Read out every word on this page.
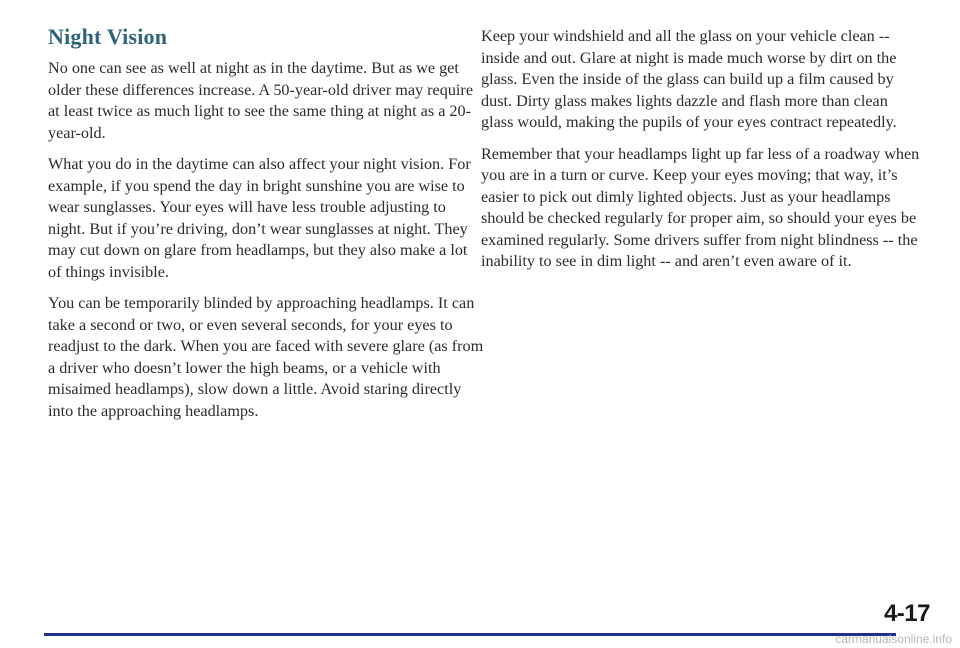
Night Vision

No one can see as well at night as in the daytime. But as we get older these differences increase. A 50-year-old driver may require at least twice as much light to see the same thing at night as a 20-year-old.

What you do in the daytime can also affect your night vision. For example, if you spend the day in bright sunshine you are wise to wear sunglasses. Your eyes will have less trouble adjusting to night. But if you’re driving, don’t wear sunglasses at night. They may cut down on glare from headlamps, but they also make a lot of things invisible.

You can be temporarily blinded by approaching headlamps. It can take a second or two, or even several seconds, for your eyes to readjust to the dark. When you are faced with severe glare (as from a driver who doesn’t lower the high beams, or a vehicle with misaimed headlamps), slow down a little. Avoid staring directly into the approaching headlamps.

Keep your windshield and all the glass on your vehicle clean -- inside and out. Glare at night is made much worse by dirt on the glass. Even the inside of the glass can build up a film caused by dust. Dirty glass makes lights dazzle and flash more than clean glass would, making the pupils of your eyes contract repeatedly.

Remember that your headlamps light up far less of a roadway when you are in a turn or curve. Keep your eyes moving; that way, it’s easier to pick out dimly lighted objects. Just as your headlamps should be checked regularly for proper aim, so should your eyes be examined regularly. Some drivers suffer from night blindness -- the inability to see in dim light -- and aren’t even aware of it.

4-17
carmanualsonline.info
